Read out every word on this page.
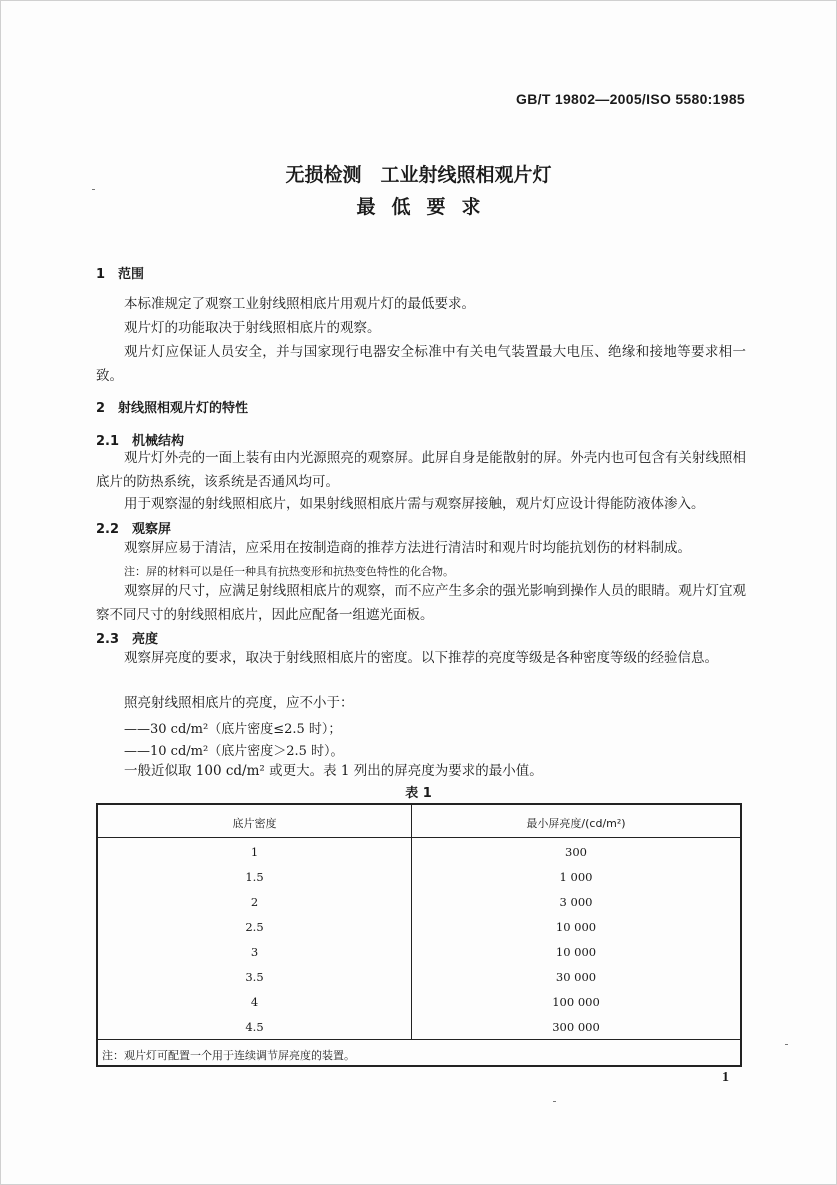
GB/T 19802—2005/ISO 5580:1985
无损检测　工业射线照相观片灯
最低要求
1 范围
本标准规定了观察工业射线照相底片用观片灯的最低要求。
观片灯的功能取决于射线照相底片的观察。
观片灯应保证人员安全，并与国家现行电器安全标准中有关电气装置最大电压、绝缘和接地等要求相一致。
2 射线照相观片灯的特性
2.1 机械结构
观片灯外壳的一面上装有由内光源照亮的观察屏。此屏自身是能散射的屏。外壳内也可包含有关射线照相底片的防热系统，该系统是否通风均可。
用于观察湿的射线照相底片，如果射线照相底片需与观察屏接触，观片灯应设计得能防液体渗入。
2.2 观察屏
观察屏应易于清洁，应采用在按制造商的推荐方法进行清洁时和观片时均能抗划伤的材料制成。
注：屏的材料可以是任一种具有抗热变形和抗热变色特性的化合物。
观察屏的尺寸，应满足射线照相底片的观察，而不应产生多余的强光影响到操作人员的眼睛。观片灯宜观察不同尺寸的射线照相底片，因此应配备一组遮光面板。
2.3 亮度
观察屏亮度的要求，取决于射线照相底片的密度。以下推荐的亮度等级是各种密度等级的经验信息。
照亮射线照相底片的亮度，应不小于：
——30 cd/m²（底片密度≤2.5 时）；
——10 cd/m²（底片密度＞2.5 时）。
一般近似取 100 cd/m² 或更大。表 1 列出的屏亮度为要求的最小值。
表 1
底片密度	最小屏亮度/(cd/m²)
1	300
1.5	1 000
2	3 000
2.5	10 000
3	10 000
3.5	30 000
4	100 000
4.5	300 000
注：观片灯可配置一个用于连续调节屏亮度的装置。
1
